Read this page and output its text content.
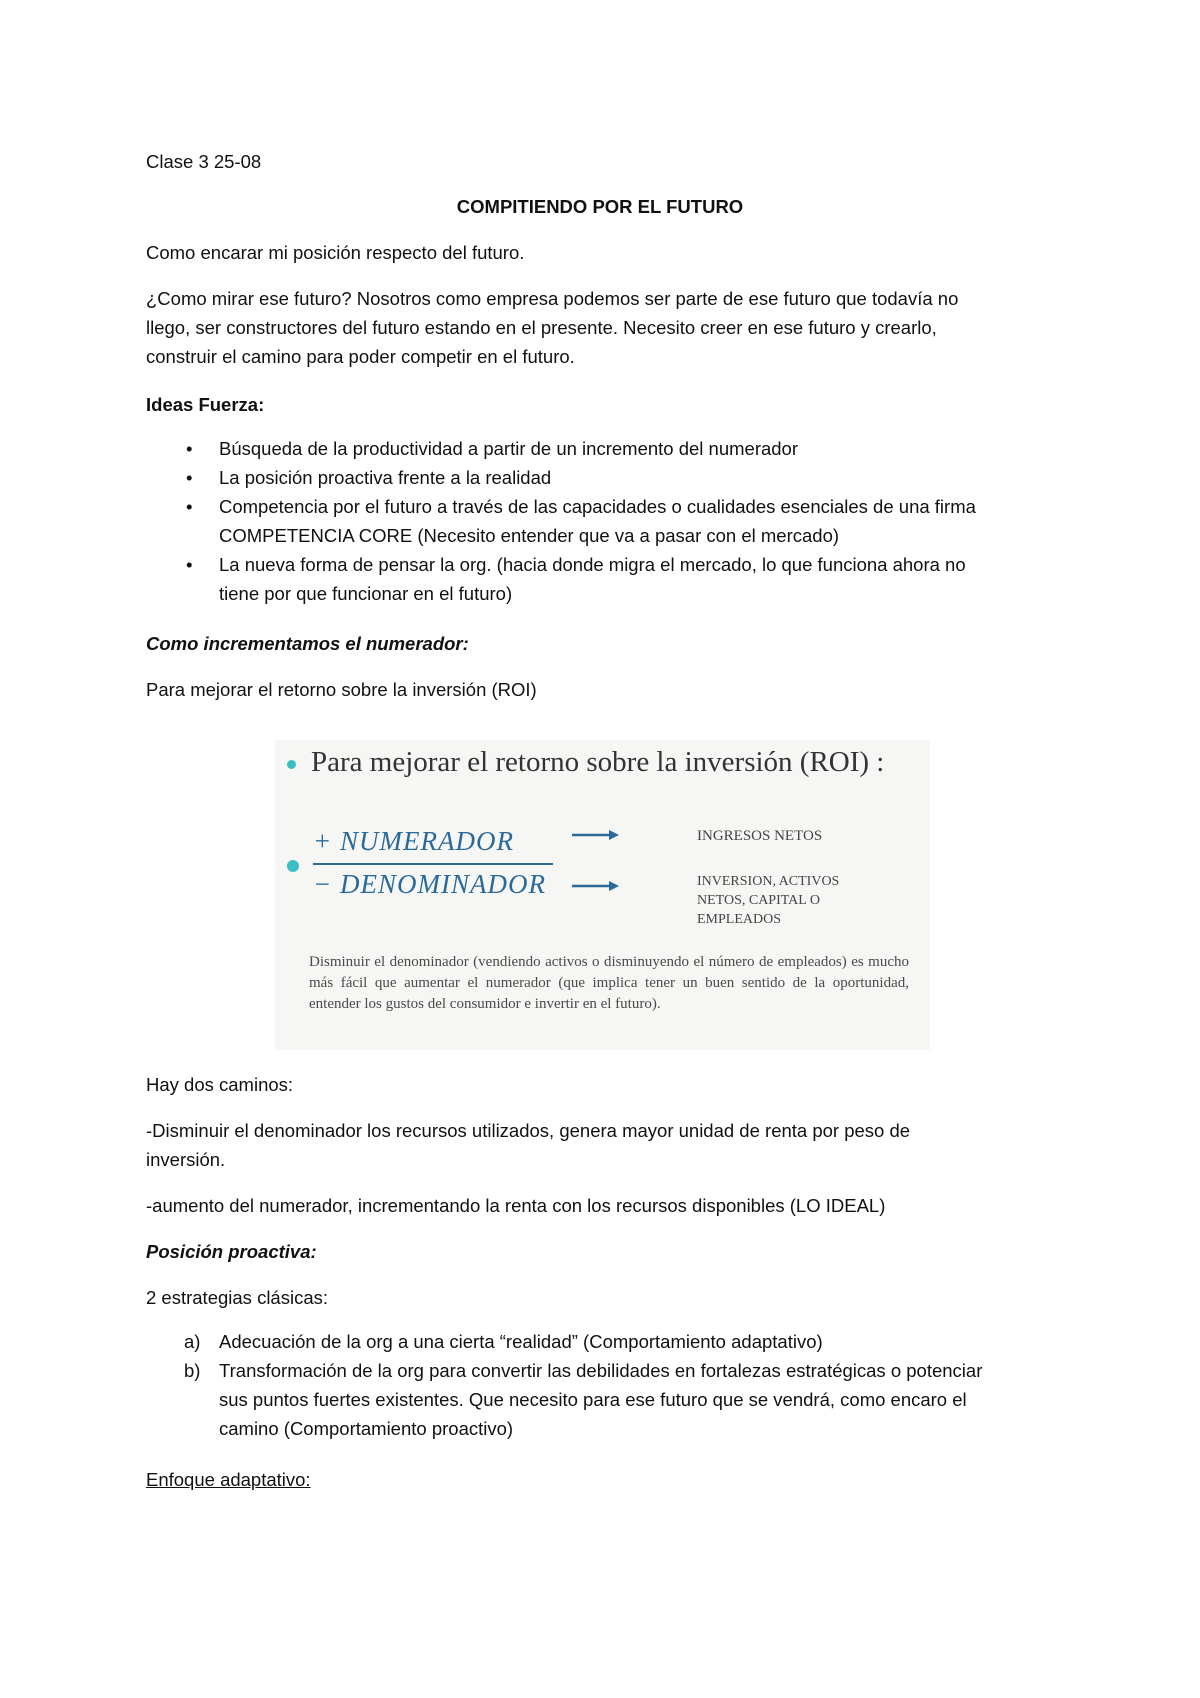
Clase 3 25-08
COMPITIENDO POR EL FUTURO
Como encarar mi posición respecto del futuro.
¿Como mirar ese futuro? Nosotros como empresa podemos ser parte de ese futuro que todavía no
llego, ser constructores del futuro estando en el presente. Necesito creer en ese futuro y crearlo,
construir el camino para poder competir en el futuro.
Ideas Fuerza:
• Búsqueda de la productividad a partir de un incremento del numerador
• La posición proactiva frente a la realidad
• Competencia por el futuro a través de las capacidades o cualidades esenciales de una firma
COMPETENCIA CORE (Necesito entender que va a pasar con el mercado)
• La nueva forma de pensar la org. (hacia donde migra el mercado, lo que funciona ahora no
tiene por que funcionar en el futuro)
Como incrementamos el numerador:
Para mejorar el retorno sobre la inversión (ROI)
Para mejorar el retorno sobre la inversión (ROI) :
+ NUMERADOR
− DENOMINADOR
INGRESOS NETOS
INVERSION, ACTIVOS
NETOS, CAPITAL O
EMPLEADOS
Disminuir el denominador (vendiendo activos o disminuyendo el número de empleados) es mucho más fácil que aumentar el numerador (que implica tener un buen sentido de la oportunidad, entender los gustos del consumidor e invertir en el futuro).
Hay dos caminos:
-Disminuir el denominador los recursos utilizados, genera mayor unidad de renta por peso de
inversión.
-aumento del numerador, incrementando la renta con los recursos disponibles (LO IDEAL)
Posición proactiva:
2 estrategias clásicas:
a) Adecuación de la org a una cierta “realidad” (Comportamiento adaptativo)
b) Transformación de la org para convertir las debilidades en fortalezas estratégicas o potenciar
sus puntos fuertes existentes. Que necesito para ese futuro que se vendrá, como encaro el
camino (Comportamiento proactivo)
Enfoque adaptativo:
